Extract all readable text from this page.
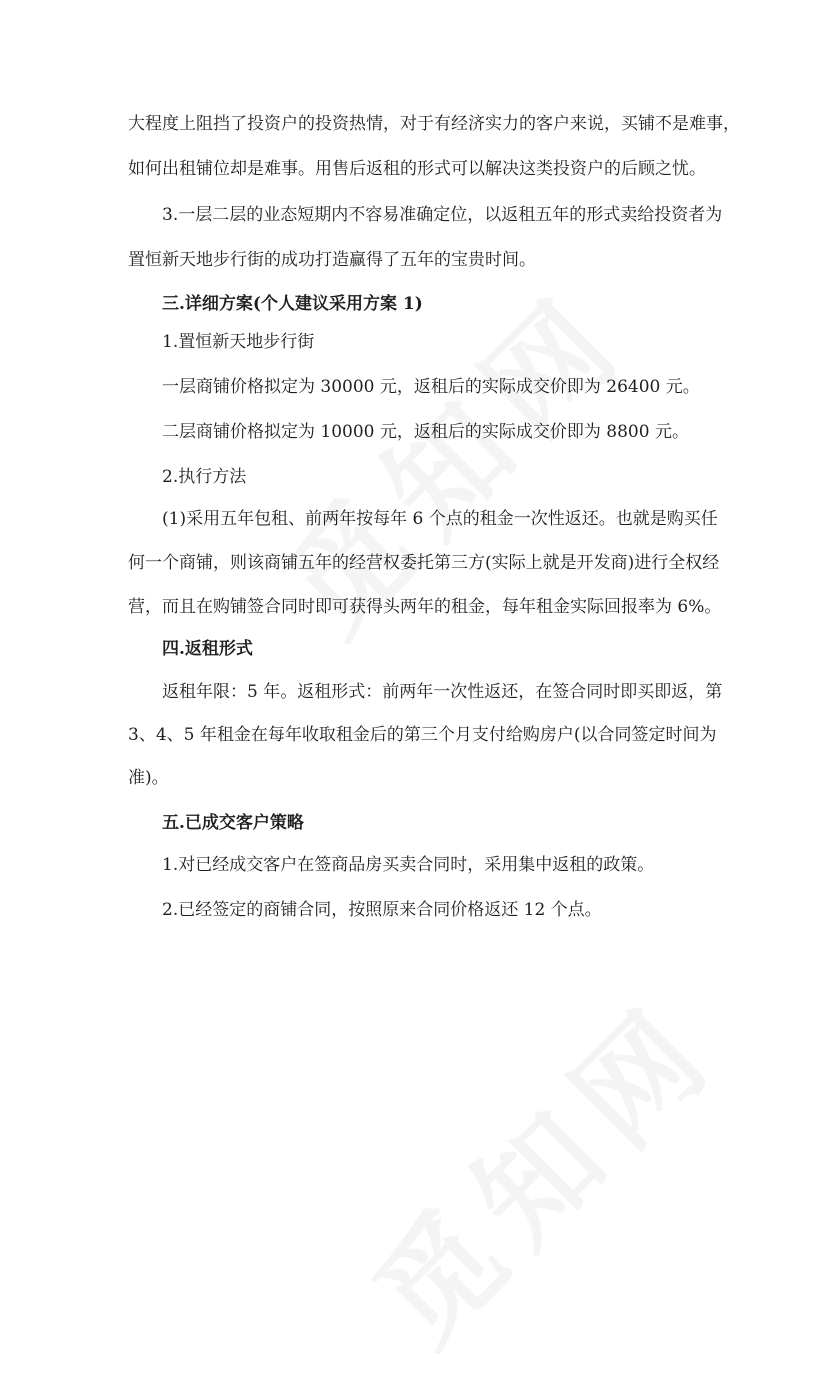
大程度上阻挡了投资户的投资热情，对于有经济实力的客户来说，买铺不是难事，
如何出租铺位却是难事。用售后返租的形式可以解决这类投资户的后顾之忧。
3.一层二层的业态短期内不容易准确定位，以返租五年的形式卖给投资者为
置恒新天地步行街的成功打造赢得了五年的宝贵时间。
三.详细方案(个人建议采用方案 1)
1.置恒新天地步行街
一层商铺价格拟定为 30000 元，返租后的实际成交价即为 26400 元。
二层商铺价格拟定为 10000 元，返租后的实际成交价即为 8800 元。
2.执行方法
(1)采用五年包租、前两年按每年 6 个点的租金一次性返还。也就是购买任
何一个商铺，则该商铺五年的经营权委托第三方(实际上就是开发商)进行全权经
营，而且在购铺签合同时即可获得头两年的租金，每年租金实际回报率为 6%。
四.返租形式
返租年限：5 年。返租形式：前两年一次性返还，在签合同时即买即返，第
3、4、5 年租金在每年收取租金后的第三个月支付给购房户(以合同签定时间为
准)。
五.已成交客户策略
1.对已经成交客户在签商品房买卖合同时，采用集中返租的政策。
2.已经签定的商铺合同，按照原来合同价格返还 12 个点。
